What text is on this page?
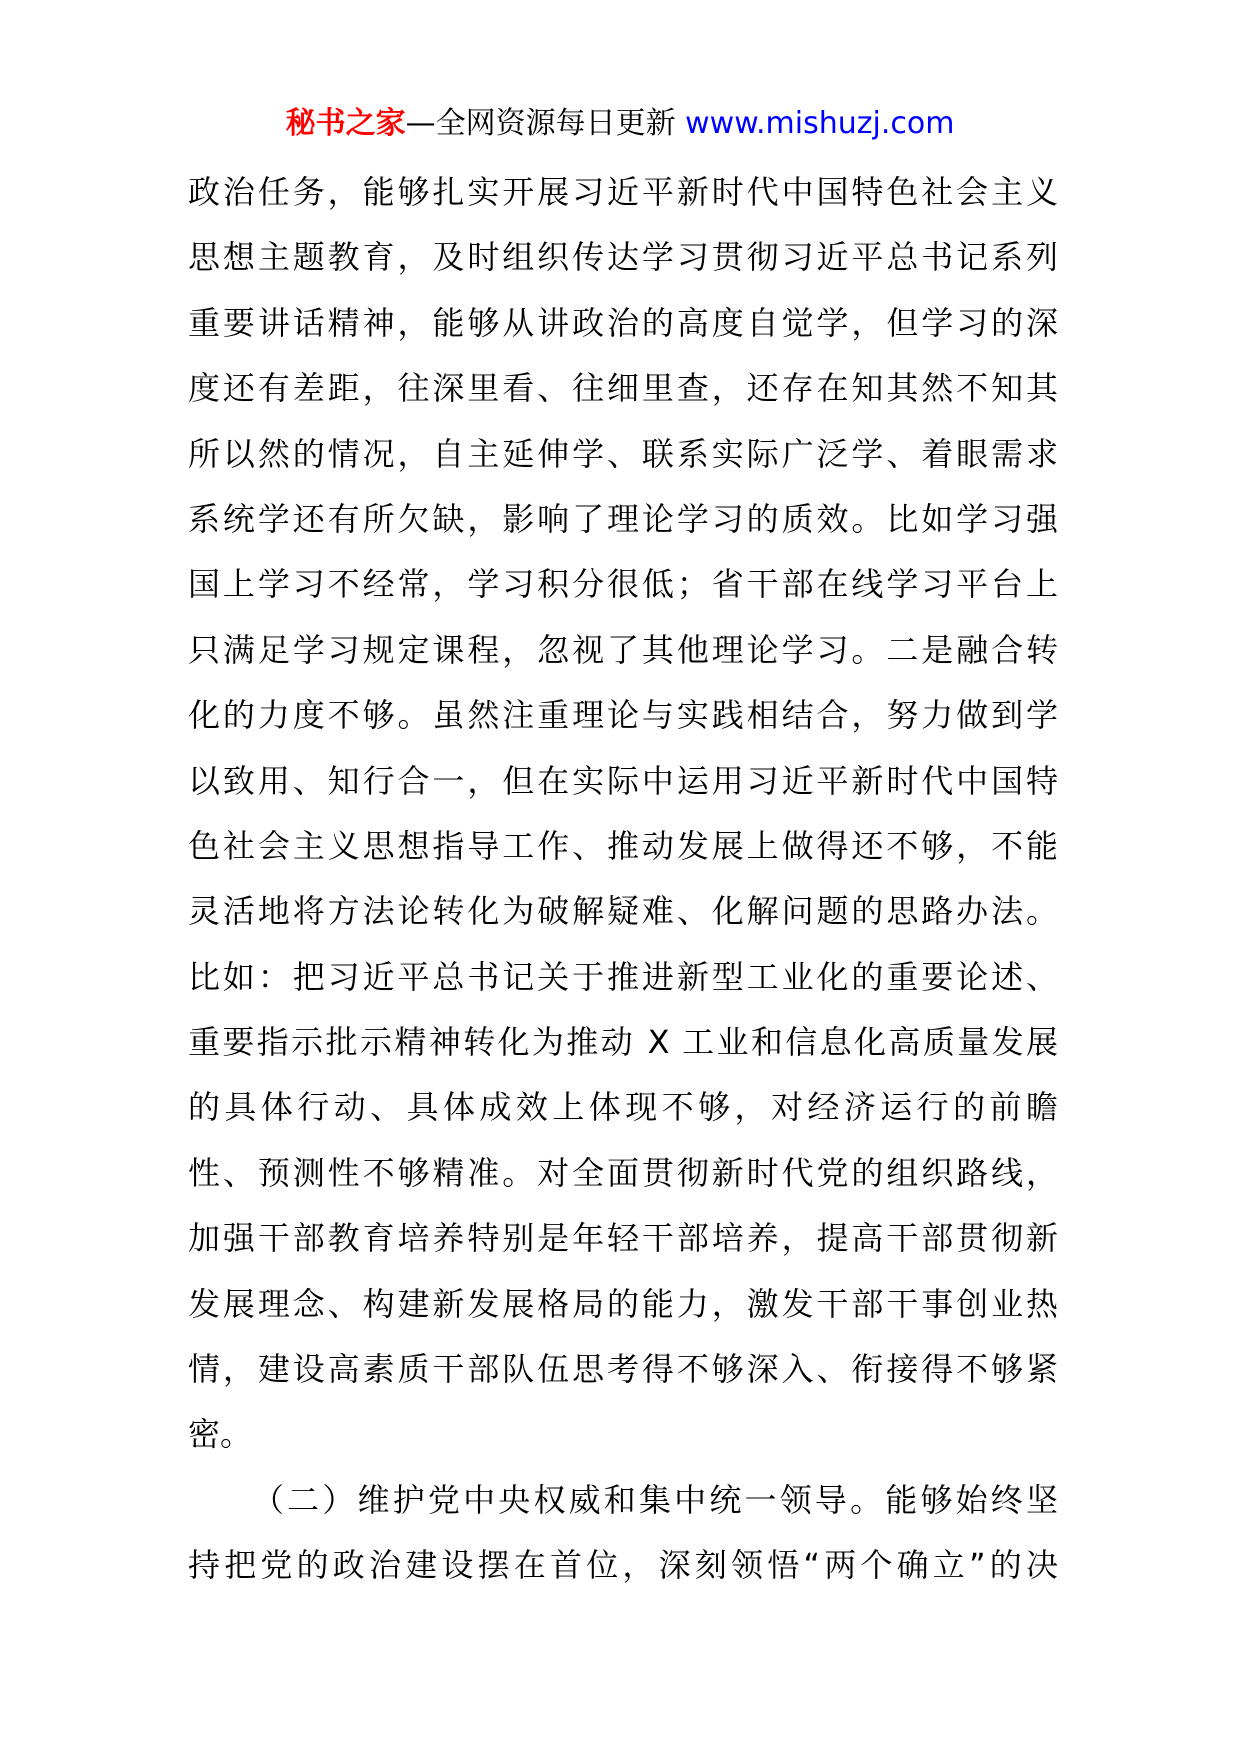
秘书之家—全网资源每日更新 www.mishuzj.com
政治任务，能够扎实开展习近平新时代中国特色社会主义
思想主题教育，及时组织传达学习贯彻习近平总书记系列
重要讲话精神，能够从讲政治的高度自觉学，但学习的深
度还有差距，往深里看、往细里查，还存在知其然不知其
所以然的情况，自主延伸学、联系实际广泛学、着眼需求
系统学还有所欠缺，影响了理论学习的质效。比如学习强
国上学习不经常，学习积分很低；省干部在线学习平台上
只满足学习规定课程，忽视了其他理论学习。二是融合转
化的力度不够。虽然注重理论与实践相结合，努力做到学
以致用、知行合一，但在实际中运用习近平新时代中国特
色社会主义思想指导工作、推动发展上做得还不够，不能
灵活地将方法论转化为破解疑难、化解问题的思路办法。
比如：把习近平总书记关于推进新型工业化的重要论述、
重要指示批示精神转化为推动 X 工业和信息化高质量发展
的具体行动、具体成效上体现不够，对经济运行的前瞻
性、预测性不够精准。对全面贯彻新时代党的组织路线，
加强干部教育培养特别是年轻干部培养，提高干部贯彻新
发展理念、构建新发展格局的能力，激发干部干事创业热
情，建设高素质干部队伍思考得不够深入、衔接得不够紧
密。
（二）维护党中央权威和集中统一领导。能够始终坚
持把党的政治建设摆在首位，深刻领悟“两个确立”的决
